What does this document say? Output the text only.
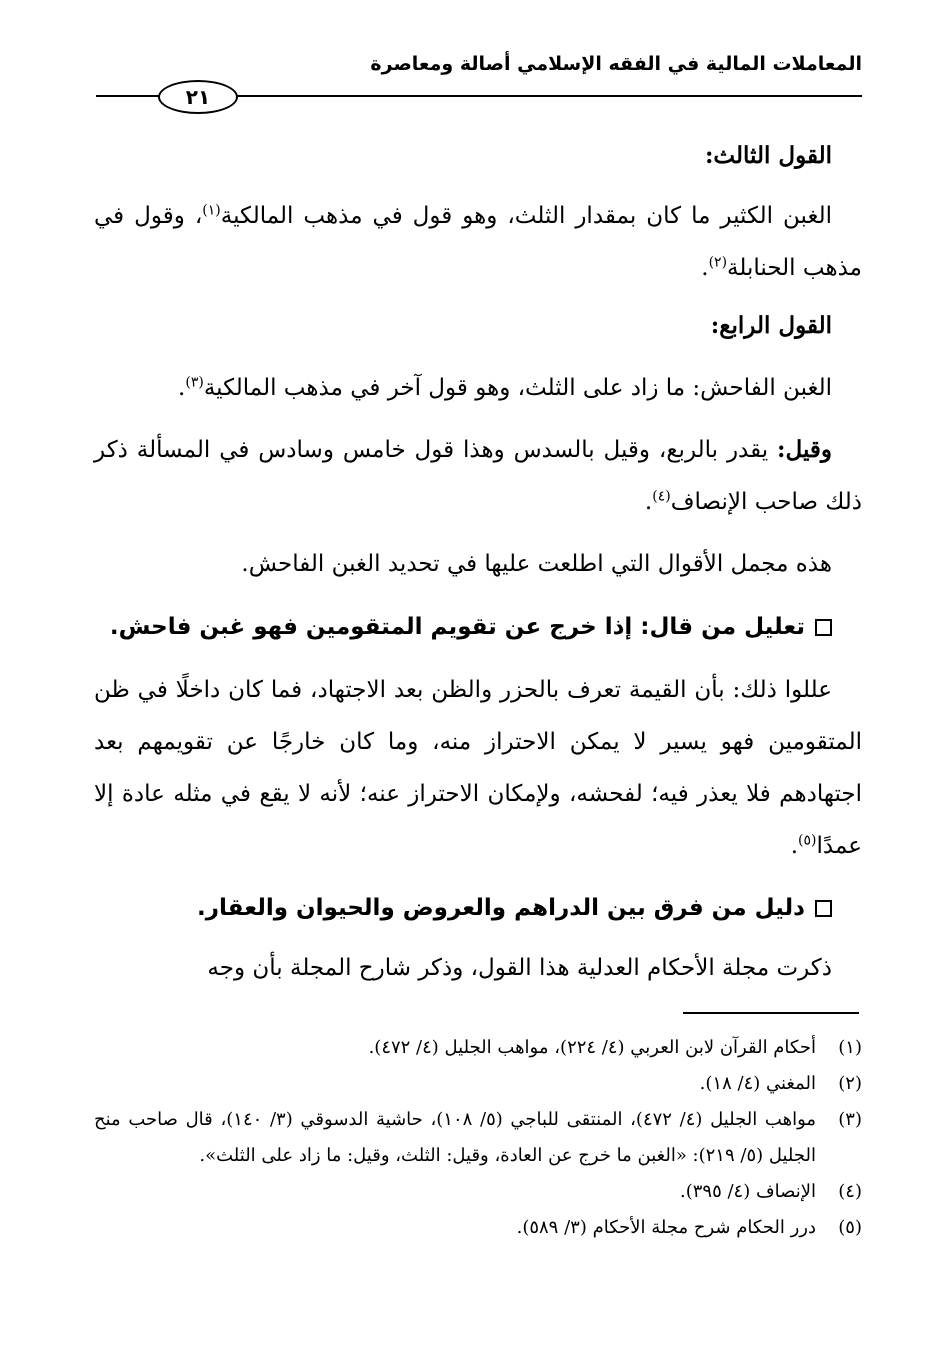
المعاملات المالية في الفقه الإسلامي أصالة ومعاصرة
٢١
القول الثالث:
الغبن الكثير ما كان بمقدار الثلث، وهو قول في مذهب المالكية$^{(١)}$، وقول في مذهب الحنابلة$^{(٢)}$.
القول الرابع:
الغبن الفاحش: ما زاد على الثلث، وهو قول آخر في مذهب المالكية$^{(٣)}$.
وقيل: يقدر بالربع، وقيل بالسدس وهذا قول خامس وسادس في المسألة ذكر ذلك صاحب الإنصاف$^{(٤)}$.
هذه مجمل الأقوال التي اطلعت عليها في تحديد الغبن الفاحش.
تعليل من قال: إذا خرج عن تقويم المتقومين فهو غبن فاحش.
عللوا ذلك: بأن القيمة تعرف بالحزر والظن بعد الاجتهاد، فما كان داخلًا في ظن المتقومين فهو يسير لا يمكن الاحتراز منه، وما كان خارجًا عن تقويمهم بعد اجتهادهم فلا يعذر فيه؛ لفحشه، ولإمكان الاحتراز عنه؛ لأنه لا يقع في مثله عادة إلا عمدًا$^{(٥)}$.
دليل من فرق بين الدراهم والعروض والحيوان والعقار.
ذكرت مجلة الأحكام العدلية هذا القول، وذكر شارح المجلة بأن وجه
(١)
أحكام القرآن لابن العربي (٤/ ٢٢٤)، مواهب الجليل (٤/ ٤٧٢).
(٢)
المغني (٤/ ١٨).
(٣)
مواهب الجليل (٤/ ٤٧٢)، المنتقى للباجي (٥/ ١٠٨)، حاشية الدسوقي (٣/ ١٤٠)، قال صاحب منح الجليل (٥/ ٢١٩): «الغبن ما خرج عن العادة، وقيل: الثلث، وقيل: ما زاد على الثلث».
(٤)
الإنصاف (٤/ ٣٩٥).
(٥)
درر الحكام شرح مجلة الأحكام (٣/ ٥٨٩).
